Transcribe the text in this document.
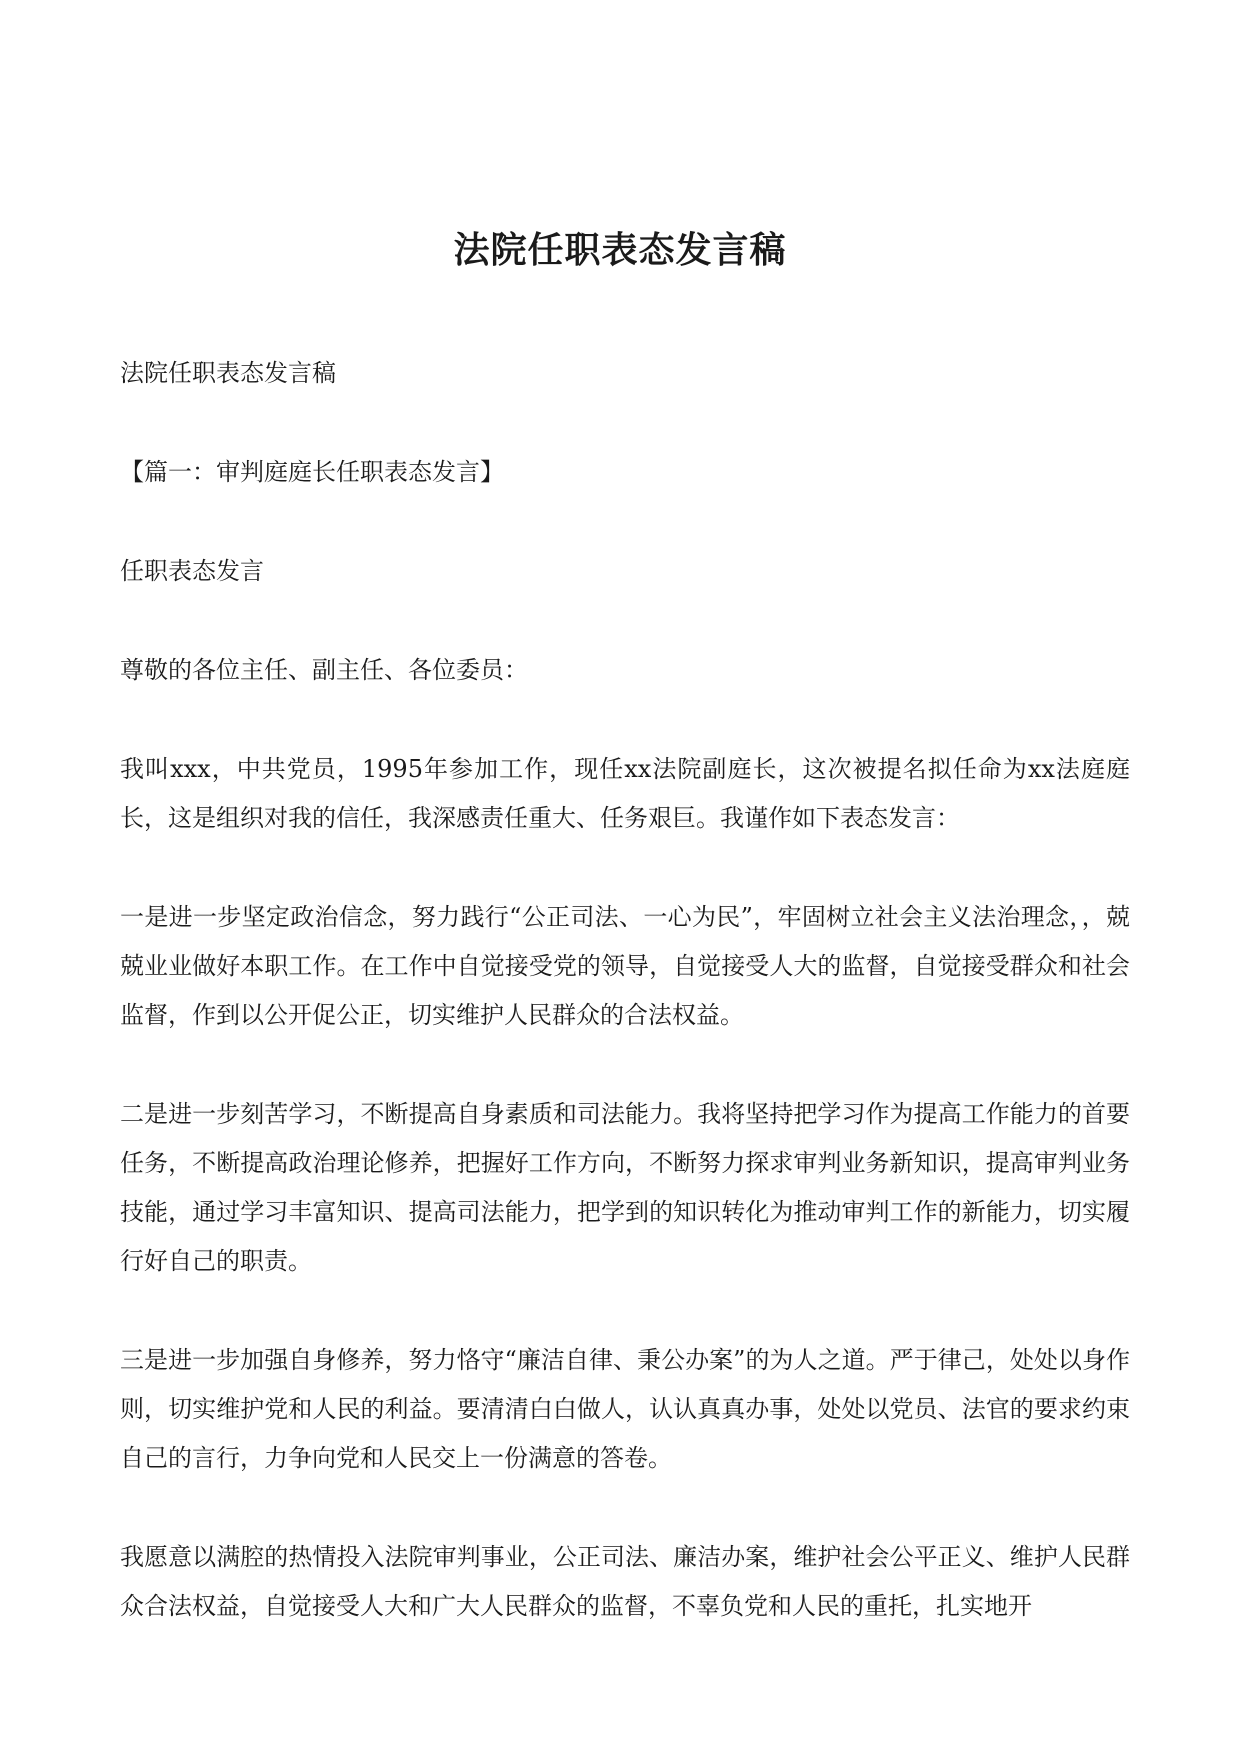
法院任职表态发言稿

法院任职表态发言稿

【篇一：审判庭庭长任职表态发言】

任职表态发言

尊敬的各位主任、副主任、各位委员：

我叫xxx，中共党员，1995年参加工作，现任xx法院副庭长，这次被提名拟任命为xx法庭庭长，这是组织对我的信任，我深感责任重大、任务艰巨。我谨作如下表态发言：

一是进一步坚定政治信念，努力践行“公正司法、一心为民”，牢固树立社会主义法治理念，，兢兢业业做好本职工作。在工作中自觉接受党的领导，自觉接受人大的监督，自觉接受群众和社会监督，作到以公开促公正，切实维护人民群众的合法权益。

二是进一步刻苦学习，不断提高自身素质和司法能力。我将坚持把学习作为提高工作能力的首要任务，不断提高政治理论修养，把握好工作方向，不断努力探求审判业务新知识，提高审判业务技能，通过学习丰富知识、提高司法能力，把学到的知识转化为推动审判工作的新能力，切实履行好自己的职责。

三是进一步加强自身修养，努力恪守“廉洁自律、秉公办案”的为人之道。严于律己，处处以身作则，切实维护党和人民的利益。要清清白白做人，认认真真办事，处处以党员、法官的要求约束自己的言行，力争向党和人民交上一份满意的答卷。

我愿意以满腔的热情投入法院审判事业，公正司法、廉洁办案，维护社会公平正义、维护人民群众合法权益，自觉接受人大和广大人民群众的监督，不辜负党和人民的重托，扎实地开
